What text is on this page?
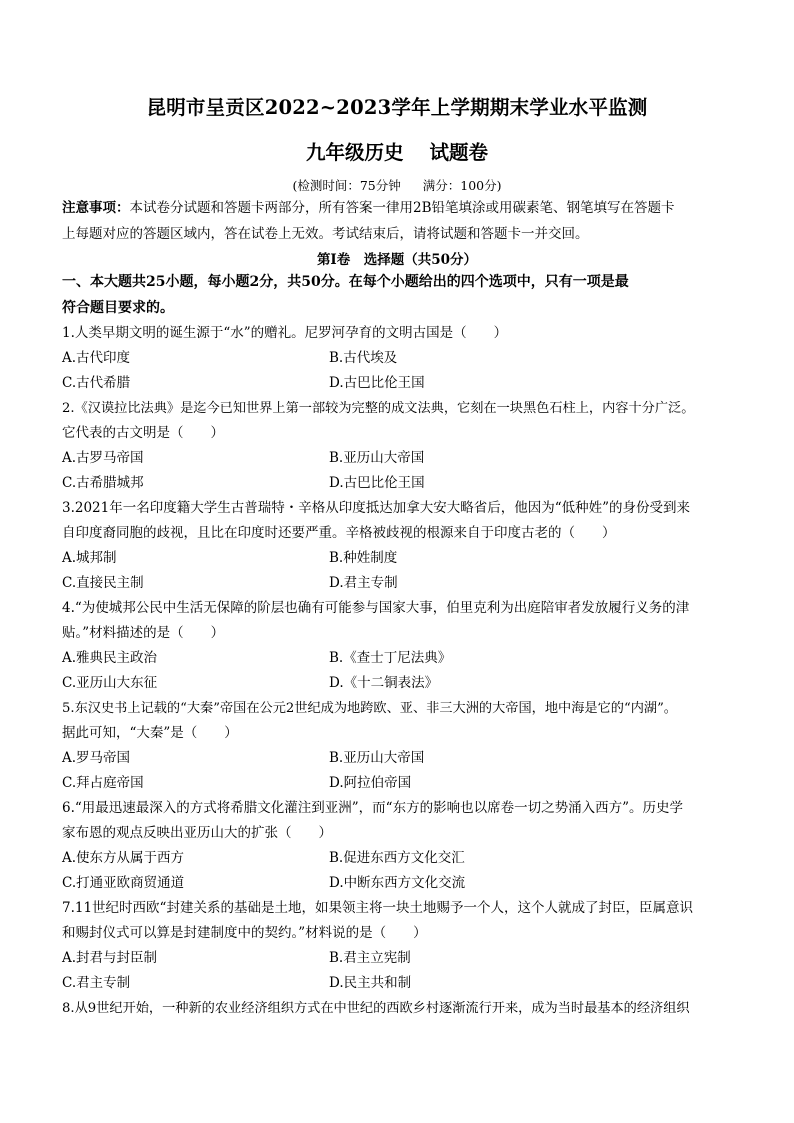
昆明市呈贡区2022~2023学年上学期期末学业水平监测
九年级历史 试题卷
(检测时间：75分钟 满分：100分)
注意事项：本试卷分试题和答题卡两部分，所有答案一律用2B铅笔填涂或用碳素笔、钢笔填写在答题卡
上每题对应的答题区域内，答在试卷上无效。考试结束后，请将试题和答题卡一并交回。
第Ⅰ卷　选择题（共50分）
一、本大题共25小题，每小题2分，共50分。在每个小题给出的四个选项中，只有一项是最
符合题目要求的。
1.人类早期文明的诞生源于“水”的赠礼。尼罗河孕育的文明古国是（　　）
A.古代印度	B.古代埃及
C.古代希腊	D.古巴比伦王国
2.《汉谟拉比法典》是迄今已知世界上第一部较为完整的成文法典，它刻在一块黑色石柱上，内容十分广泛。
它代表的古文明是（　　）
A.古罗马帝国	B.亚历山大帝国
C.古希腊城邦	D.古巴比伦王国
3.2021年一名印度籍大学生古普瑞特・辛格从印度抵达加拿大安大略省后，他因为“低种姓”的身份受到来
自印度裔同胞的歧视，且比在印度时还要严重。辛格被歧视的根源来自于印度古老的（　　）
A.城邦制	B.种姓制度
C.直接民主制	D.君主专制
4.“为使城邦公民中生活无保障的阶层也确有可能参与国家大事，伯里克利为出庭陪审者发放履行义务的津
贴。”材料描述的是（　　）
A.雅典民主政治	B.《查士丁尼法典》
C.亚历山大东征	D.《十二铜表法》
5.东汉史书上记载的“大秦”帝国在公元2世纪成为地跨欧、亚、非三大洲的大帝国，地中海是它的“内湖”。
据此可知，“大秦”是（　　）
A.罗马帝国	B.亚历山大帝国
C.拜占庭帝国	D.阿拉伯帝国
6.“用最迅速最深入的方式将希腊文化灌注到亚洲”，而“东方的影响也以席卷一切之势涌入西方”。历史学
家布恩的观点反映出亚历山大的扩张（　　）
A.使东方从属于西方	B.促进东西方文化交汇
C.打通亚欧商贸通道	D.中断东西方文化交流
7.11世纪时西欧“封建关系的基础是土地，如果领主将一块土地赐予一个人，这个人就成了封臣，臣属意识
和赐封仪式可以算是封建制度中的契约。”材料说的是（　　）
A.封君与封臣制	B.君主立宪制
C.君主专制	D.民主共和制
8.从9世纪开始，一种新的农业经济组织方式在中世纪的西欧乡村逐渐流行开来，成为当时最基本的经济组织
